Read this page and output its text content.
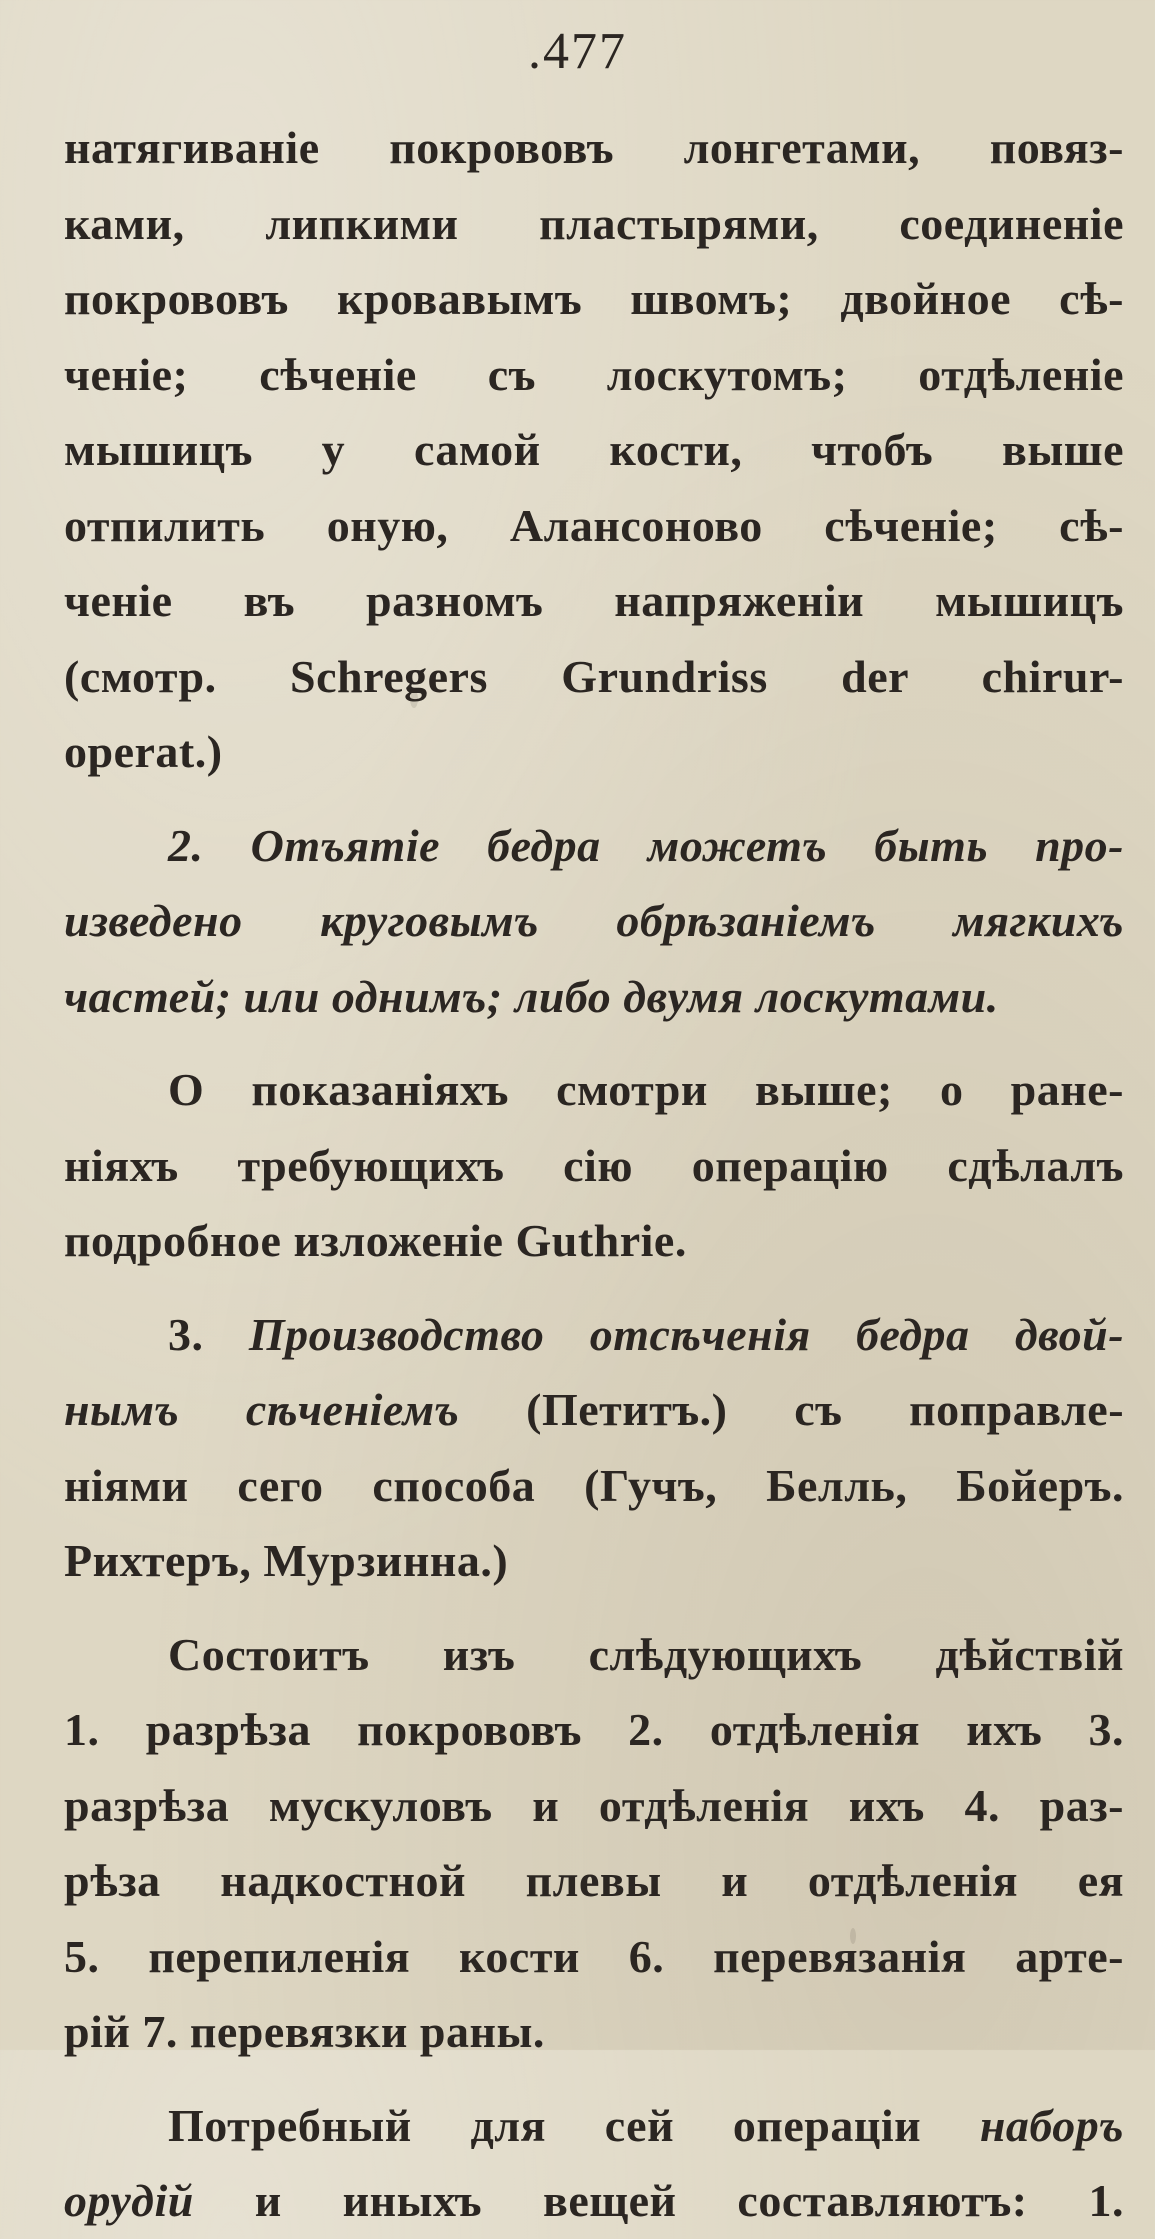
.477
натягиваніе покрововъ лонгетами, повяз-
ками, липкими пластырями, соединеніе
покрововъ кровавымъ швомъ; двойное сѣ-
ченіе; сѣченіе съ лоскутомъ; отдѣленіе
мышицъ у самой кости, чтобъ выше
отпилить оную, Алансоново сѣченіе; сѣ-
ченіе въ разномъ напряженіи мышицъ
(смотр. Schregers Grundriss der chirur-
operat.)
2. Отъятіе бедра можетъ быть про-
изведено круговымъ обрѣзаніемъ мягкихъ
частей; или однимъ; либо двумя лоскутами.
О показаніяхъ смотри выше; о ране-
ніяхъ требующихъ сію операцію сдѣлалъ
подробное изложеніе Guthrie.
3. Производство отсѣченія бедра двой-
нымъ сѣченіемъ (Петитъ.) съ поправле-
ніями сего способа (Гучъ, Белль, Бойеръ.
Рихтеръ, Мурзинна.)
Состоитъ изъ слѣдующихъ дѣйствій
1. разрѣза покрововъ 2. отдѣленія ихъ 3.
разрѣза мускуловъ и отдѣленія ихъ 4. раз-
рѣза надкостной плевы и отдѣленія ея
5. перепиленія кости 6. перевязанія арте-
рій 7. перевязки раны.
Потребный для сей операціи наборъ
орудій и иныхъ вещей составляютъ: 1.
